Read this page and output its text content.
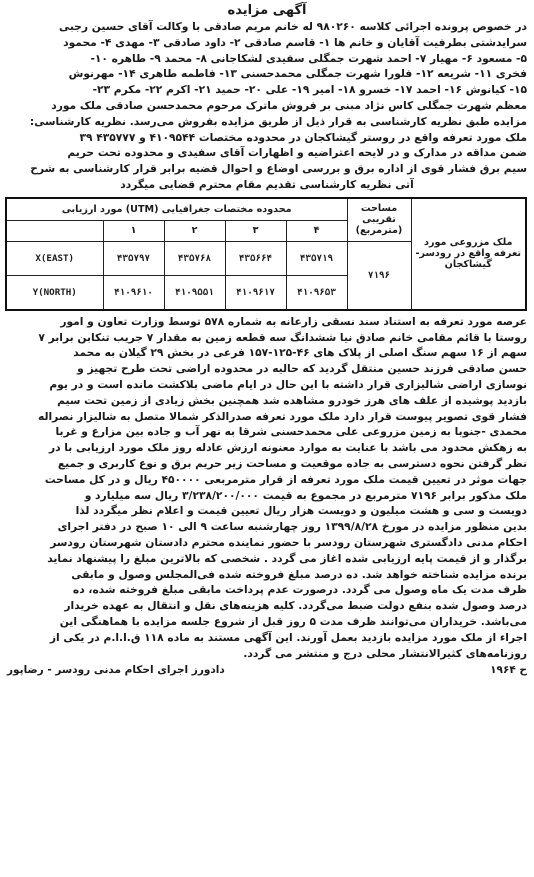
آگهی مزایده

در خصوص پرونده اجرائی کلاسه ۹۸۰۲۶۰ له خانم مریم صادقی با وکالت آقای حسین رجبی

سرایدشتی بطرفیت آقایان و خانم ها ۱- قاسم صادقی ۲- داود صادقی ۳- مهدی ۴- محمود

۵- مسعود ۶- مهیار ۷- احمد شهرت جمگلی سفیدی لشکاجانی ۸- محمد ۹- طاهره ۱۰-

فخری ۱۱- شریعه ۱۲- فلورا شهرت جمگلی محمدحسنی ۱۳- فاطمه طاهری ۱۴- مهرنوش

۱۵- کیانوش ۱۶- احمد ۱۷- خسرو ۱۸- امیر ۱۹- علی ۲۰- حمید ۲۱- اکرم ۲۲- مکرم ۲۳-

معظم شهرت جمگلی کاس نژاد مبنی بر فروش ماترک مرحوم محمدحسن صادقی ملک مورد

مزایده طبق نظریه کارشناسی به قرار ذیل از طریق مزایده بفروش می‌رسد. نظریه کارشناسی:

ملک مورد تعرفه واقع در روستر گیشاکجان در محدوده مختصات ۴۱۰۹۵۴۴ و ۴۳۵۷۷۷ ۳۹

ضمن مداقه در مدارک و در لایحه اعتراضیه و اظهارات آقای سفیدی و محدوده تحت حریم

سیم برق فشار قوی از اداره برق و بررسی اوضاع و احوال قضیه برابر قرار کارشناسی به شرح

آتی نظریه کارشناسی تقدیم مقام محترم قضایی میگردد

ملک مزروعی مورد تعرفه واقع در رودسر- گیشاکجان	مساحت تقریبی (مترمربع)	محدوده مختصات جغرافیایی (UTM) مورد ارزیابی				
		۴	۳	۲	۱	
	۷۱۹۶	۴۳۵۷۱۹	۴۳۵۶۶۴	۴۳۵۷۶۸	۴۳۵۷۹۷	X(EAST)
		۴۱۰۹۶۵۳	۴۱۰۹۶۱۷	۴۱۰۹۵۵۱	۴۱۰۹۶۱۰	Y(NORTH)

عرصه مورد تعرفه به استناد سند نسقی زارعانه به شماره ۵۷۸ توسط وزارت تعاون و امور

روستا با قائم مقامی خانم صادق نیا ششدانگ سه قطعه زمین به مقدار ۷ جریب تنکابن برابر ۷

سهم از ۱۶ سهم سنگ اصلی از پلاک های ۴۶-۱۲۵-۱۵۷ فرعی در بخش ۲۹ گیلان به محمد

حسن صادقی فرزند حسین منتقل گردید که حالیه در محدوده اراضی تحت طرح تجهیز و

نوسازی اراضی شالیزاری قرار داشته با این حال در ایام ماضی بلاکشت مانده است و در یوم

بازدید پوشیده از علف های هرز خودرو مشاهده شد همچنین بخش زیادی از زمین تحت سیم

فشار قوی تصویر پیوست قرار دارد ملک مورد تعرفه صدرالذکر شمالا متصل به شالیزار نصراله

محمدی -جنوبا به زمین مزروعی علی محمدحسنی شرقا به نهر آب و جاده بین مزارع و غربا

به زهکش محدود می باشد با عنایت به موارد معنونه ارزش عادله روز ملک مورد ارزیابی با در

نظر گرفتن نحوه دسترسی به جاده موقعیت و مساحت زیر حریم برق و نوع کاربری و جمیع

جهات موثر در تعیین قیمت ملک مورد تعرفه از قرار مترمربعی ۴۵۰۰۰۰ ریال و در کل مساحت

ملک مذکور برابر ۷۱۹۶ مترمربع در مجموع به قیمت ۳/۲۳۸/۲۰۰/۰۰۰ ریال سه میلیارد و

دویست و سی و هشت میلیون و دویست هزار ریال تعیین قیمت و اعلام نظر میگردد لذا

بدین منظور مزایده در مورخ ۱۳۹۹/۸/۲۸ روز چهارشنبه ساعت ۹ الی ۱۰ صبح در دفتر اجرای

احکام مدنی دادگستری شهرستان رودسر با حضور نماینده محترم دادستان شهرستان رودسر

برگذار و از قیمت پایه ارزیابی شده اغاز می گردد . شخصی که بالاترین مبلغ را پیشنهاد نماید

برنده مزایده شناخته خواهد شد. ده درصد مبلغ فروخته شده فی‌المجلس وصول و مابقی

ظرف مدت یک ماه وصول می گردد. درصورت عدم پرداخت مابقی مبلغ فروخته شده، ده

درصد وصول شده بنفع دولت ضبط می‌گردد. کلیه هزینه‌های نقل و انتقال به عهده خریدار

می‌باشد. خریداران می‌توانند ظرف مدت ۵ روز قبل از شروع جلسه مزایده با هماهنگی این

اجراء از ملک مورد مزایده بازدید بعمل آورند. این آگهی مستند به ماده ۱۱۸ ق.ا.ا.م در یکی از

روزنامه‌های کثیرالانتشار محلی درج و منتشر می گردد.

ح ۱۹۶۴
دادورز اجرای احکام مدنی رودسر - رضاپور
